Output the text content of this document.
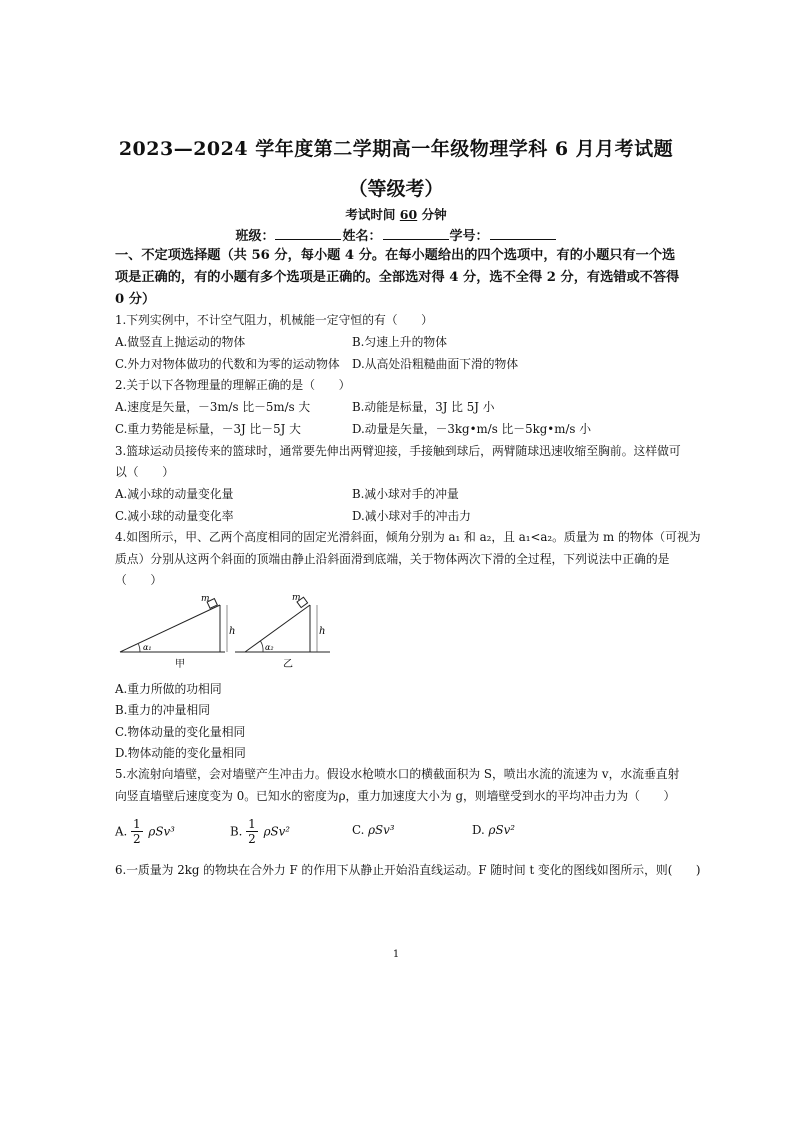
2023—2024 学年度第二学期高一年级物理学科 6 月月考试题
（等级考）
考试时间 60 分钟
班级：	姓名：	学号：
一、不定项选择题（共 56 分，每小题 4 分。在每小题给出的四个选项中，有的小题只有一个选项是正确的，有的小题有多个选项是正确的。全部选对得 4 分，选不全得 2 分，有选错或不答得 0 分）
1.下列实例中，不计空气阻力，机械能一定守恒的有（　　）
A.做竖直上抛运动的物体	B.匀速上升的物体
C.外力对物体做功的代数和为零的运动物体 D.从高处沿粗糙曲面下滑的物体
2.关于以下各物理量的理解正确的是（　　）
A.速度是矢量，－3m/s 比－5m/s 大	B.动能是标量，3J 比 5J 小
C.重力势能是标量，－3J 比－5J 大	D.动量是矢量，－3kg•m/s 比－5kg•m/s 小
3.篮球运动员接传来的篮球时，通常要先伸出两臂迎接，手接触到球后，两臂随球迅速收缩至胸前。这样做可
以（　　）
A.减小球的动量变化量	B.减小球对手的冲量
C.减小球的动量变化率	D.减小球对手的冲击力
4.如图所示，甲、乙两个高度相同的固定光滑斜面，倾角分别为 a₁ 和 a₂，且 a₁<a₂。质量为 m 的物体（可视为
质点）分别从这两个斜面的顶端由静止沿斜面滑到底端，关于物体两次下滑的全过程，下列说法中正确的是
（　　）
m
h
α₁
甲
m
h
α₂
乙
A.重力所做的功相同
B.重力的冲量相同
C.物体动量的变化量相同
D.物体动能的变化量相同
5.水流射向墙壁，会对墙壁产生冲击力。假设水枪喷水口的横截面积为 S，喷出水流的流速为 v，水流垂直射
向竖直墙壁后速度变为 0。已知水的密度为ρ，重力加速度大小为 g，则墙壁受到水的平均冲击力为（　　）
A. $\frac{1}{2} \rho Sv^3$	B. $\frac{1}{2} \rho Sv^2$	C. ρSv³	D. ρSv²
6.一质量为 2kg 的物块在合外力 F 的作用下从静止开始沿直线运动。F 随时间 t 变化的图线如图所示，则(　　)
1
